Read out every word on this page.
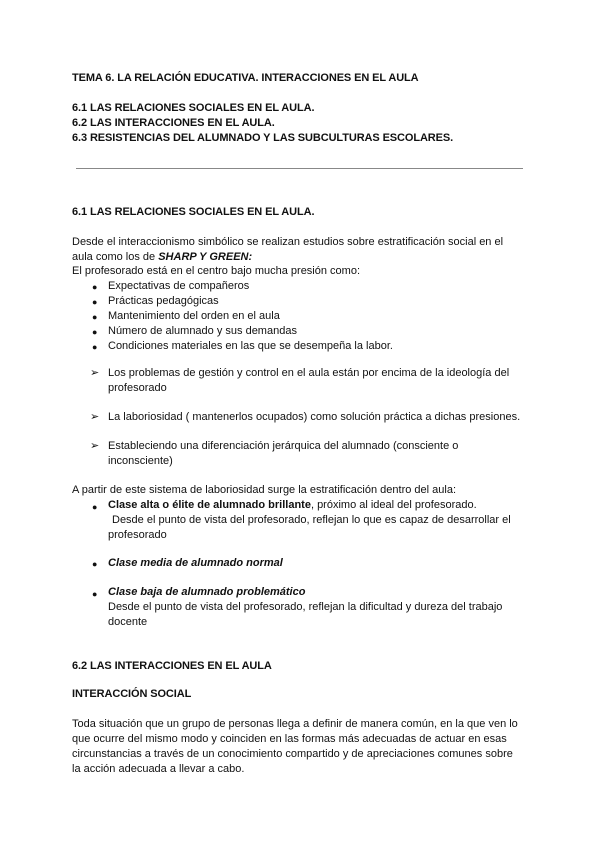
TEMA 6. LA RELACIÓN EDUCATIVA. INTERACCIONES EN EL AULA
6.1 LAS RELACIONES SOCIALES EN EL AULA.
6.2 LAS INTERACCIONES EN EL AULA.
6.3 RESISTENCIAS DEL ALUMNADO Y LAS SUBCULTURAS ESCOLARES.
6.1 LAS RELACIONES SOCIALES EN EL AULA.
Desde el interaccionismo simbólico se realizan estudios sobre estratificación social en el
aula como los de SHARP Y GREEN:
El profesorado está en el centro bajo mucha presión como:
● Expectativas de compañeros
● Prácticas pedagógicas
● Mantenimiento del orden en el aula
● Número de alumnado y sus demandas
● Condiciones materiales en las que se desempeña la labor.
➢ Los problemas de gestión y control en el aula están por encima de la ideología del
profesorado
➢ La laboriosidad ( mantenerlos ocupados) como solución práctica a dichas presiones.
➢ Estableciendo una diferenciación jerárquica del alumnado (consciente o
inconsciente)
A partir de este sistema de laboriosidad surge la estratificación dentro del aula:
● Clase alta o élite de alumnado brillante, próximo al ideal del profesorado.
Desde el punto de vista del profesorado, reflejan lo que es capaz de desarrollar el
profesorado
● Clase media de alumnado normal
● Clase baja de alumnado problemático
Desde el punto de vista del profesorado, reflejan la dificultad y dureza del trabajo
docente
6.2 LAS INTERACCIONES EN EL AULA
INTERACCIÓN SOCIAL
Toda situación que un grupo de personas llega a definir de manera común, en la que ven lo
que ocurre del mismo modo y coinciden en las formas más adecuadas de actuar en esas
circunstancias a través de un conocimiento compartido y de apreciaciones comunes sobre
la acción adecuada a llevar a cabo.
